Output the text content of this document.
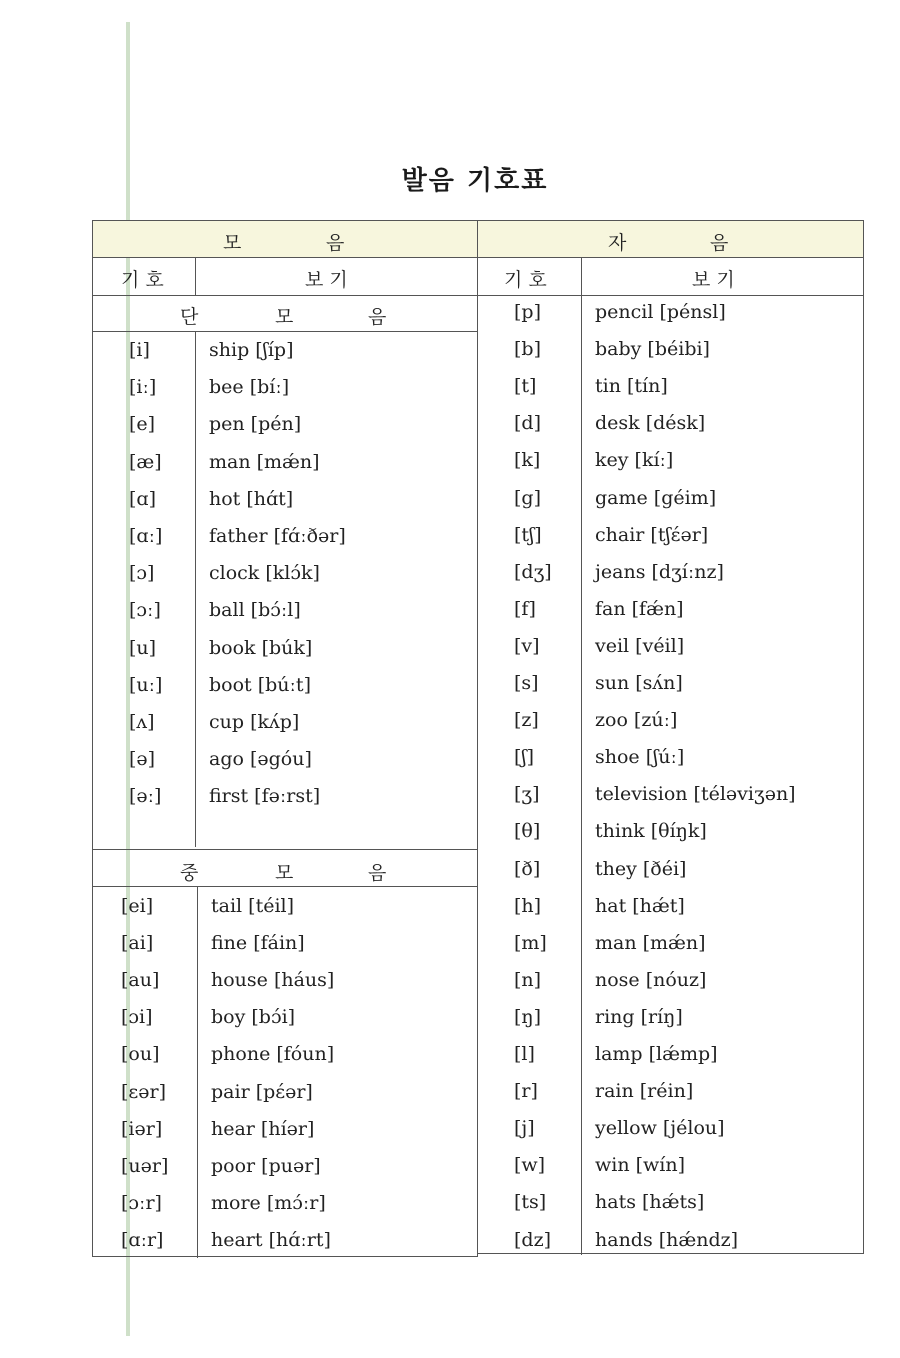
발음 기호표
모	음
기 호	보 기
단	모	음
[i]	ship [ʃíp]
[iː]	bee [bíː]
[e]	pen [pén]
[æ] man [mǽn]
[ɑ]	hot [hɑ́t]
[ɑː] father [fɑ́ːðər]
[ɔ]	clock [klɔ́k]
[ɔː]	ball [bɔ́ːl]
[u]	book [búk]
[uː] boot [búːt]
[ʌ]	cup [kʌ́p]
[ə]	ago [əgóu]
[əː]	first [fəːrst]
중	모	음
[ei]	tail [téil]
[ai]	fine [fáin]
[au]	house [háus]
[ɔi]	boy [bɔ́i]
[ou]	phone [fóun]
[ɛər] pair [pɛ́ər]
[iər]	hear [híər]
[uər] poor [puər]
[ɔːr]	more [mɔ́ːr]
[ɑːr]	heart [hɑ́ːrt]
자	음
기 호	보 기
[p]	pencil [pénsl]
[b]	baby [béibi]
[t]	tin [tín]
[d]	desk [désk]
[k]	key [kíː]
[g]	game [géim]
[tʃ]	chair [tʃɛ́ər]
[dʒ] jeans [dʒíːnz]
[f]	fan [fǽn]
[v]	veil [véil]
[s]	sun [sʌ́n]
[z]	zoo [zúː]
[ʃ]	shoe [ʃúː]
[ʒ]	television [téləviʒən]
[θ]	think [θíŋk]
[ð]	they [ðéi]
[h]	hat [hǽt]
[m]	man [mǽn]
[n]	nose [nóuz]
[ŋ]	ring [ríŋ]
[l]	lamp [lǽmp]
[r]	rain [réin]
[j]	yellow [jélou]
[w]	win [wín]
[ts]	hats [hǽts]
[dz] hands [hǽndz]
